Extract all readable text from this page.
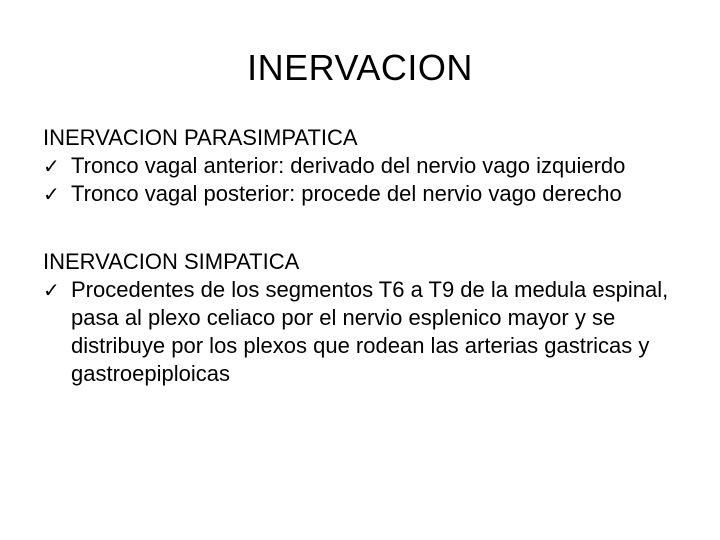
INERVACION

INERVACION PARASIMPATICA

✓ Tronco vagal anterior: derivado del nervio vago izquierdo
✓ Tronco vagal posterior: procede del nervio vago derecho

INERVACION SIMPATICA

✓ Procedentes de los segmentos T6 a T9 de la medula espinal, pasa al plexo celiaco por el nervio esplenico mayor y se distribuye por los plexos que rodean las arterias gastricas y gastroepiploicas
